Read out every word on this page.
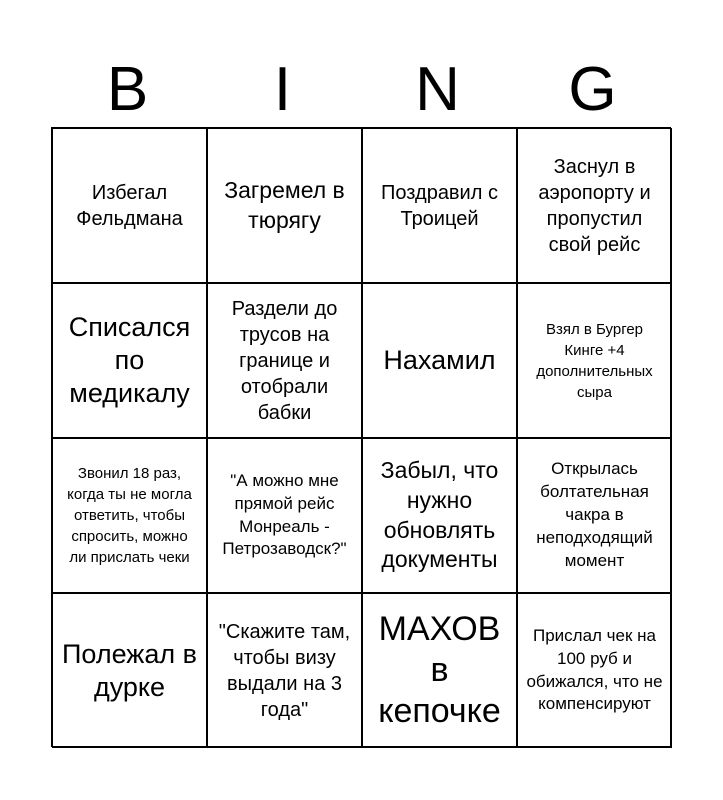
B	I	N	G
Избегал Фельдмана
Загремел в тюрягу
Поздравил с Троицей
Заснул в аэропорту и пропустил свой рейс
Списался по медикалу
Раздели до трусов на границе и отобрали бабки
Нахамил
Взял в Бургер Кинге +4 дополнительных сыра
Звонил 18 раз, когда ты не могла ответить, чтобы спросить, можно ли прислать чеки
"А можно мне прямой рейс Монреаль - Петрозаводск?"
Забыл, что нужно обновлять документы
Открылась болтательная чакра в неподходящий момент
Полежал в дурке
"Скажите там, чтобы визу выдали на 3 года"
МАХОВ в кепочке
Прислал чек на 100 руб и обижался, что не компенсируют
